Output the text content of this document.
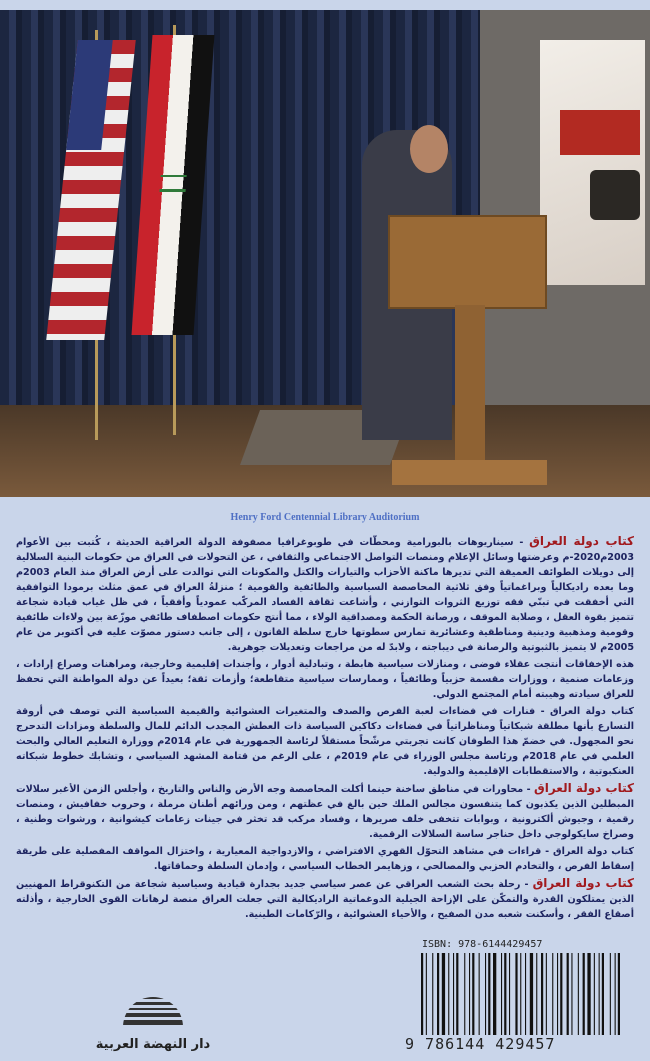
Henry Ford Centennial Library Auditorium

كتاب دولة العراق - سيناريوهات بالبورامية ومحطّات في طوبوغرافيا مصفوفة الدولة العراقية الحديثة ، كُتبت بين الأعوام 2003م2020-م وعرضتها وسائل الإعلام ومنصات التواصل الاجتماعي والثقافي ، عن التحولات في العراق من حكومات البنية السلالية إلى دويلات الطوائف العميقة التي تديرها ماكنة الأحزاب والتيارات والكتل والمكونات التي توالدت على أرض العراق منذ العام 2003م وما بعده راديكالياً وبراغماتياً وفق ثلاثية المحاصصة السياسية والطائفية والقومية ؛ منزلةُ العراق في عمق مثلث برمودا التوافقية التي أخفقت في تبنّي فقه توزيع الثروات التوازني ، وأشاعت ثقافة الفساد المركّب عمودياً وأفقياً ، في ظل غياب قيادة شجاعة تتميز بقوة العقل ، وصلابة الموقف ، ورصانة الحكمة ومصداقية الولاء ، مما أنتج حكومات اصطفاف طائفي موزّعة بين ولاءات طائفية وقومية ومذهبية ودينية ومناطقية وعشائرية تمارس سطوتها خارج سلطة القانون ، إلى جانب دستور مصوّت عليه في أكتوبر من عام 2005م لا يتميز بالثبوتية والرصانة في ديباجته ، ولابدّ له من مراجعات وتعديلات جوهرية.

هذه الإخفاقات أنتجت عقلاء فوضى ، ومنازلات سياسية هابطة ، وتبادلية أدوار ، وأجندات إقليمية وخارجية، ومراهنات وصراع إرادات ، وزعامات صنمية ، ووزارات مقسمة حزبياً وطائفياً ، وممارسات سياسية متقاطعة؛ وأزمات ثقة؛ بعيداً عن دولة المواطنة التي تحفظ للعراق سيادته وهيبته أمام المجتمع الدولي.

كتاب دولة العراق - فنارات في فضاءات لعبة الفرص والصدف والمتغيرات العشوائية والقيمية السياسية التي توصف في أروقة التسارع بأنها مطلقة شبكاتياً ومناظراتياً في فضاءات دكاكين السياسة ذات العطش المجدب الدائم للمال والسلطة ومزادات التدحرج نحو المجهول. في خضمّ هذا الطوفان كانت تجربتي مرشّحاً مستقلاً لرئاسة الجمهورية في عام 2014م ووزارة التعليم العالي والبحث العلمي في عام 2018م ورئاسة مجلس الوزراء في عام 2019م ، على الرغم من قتامة المشهد السياسي ، وتشابك خطوط شبكاته العنكبوتية ، والاستقطابات الإقليمية والدولية.

كتاب دولة العراق - محاورات في مناطق ساخنة حينما أكلت المحاصصة وجه الأرض والناس والتاريخ ، وأجلس الزمن الأغبر سلالات المبطلين الذين يكذبون كما يتنفسون مجالس الملك حين بالغ في عظتهم ، ومن ورائهم أطنان مرملة ، وحروب خفافيش ، ومنصات رقمية ، وجيوش ألكترونية ، وبوابات تتخفى خلف صريرها ، وفساد مركب قد تخثر في جينات زعامات كيشوانية ، ورشوات وطنية ، وصراخ سايكولوجي داخل حناجر ساسة السلالات الرقمية.

كتاب دولة العراق - قراءات في مشاهد التحوّل القهري الافتراضي ، والازدواجية المعيارية ، واختزال المواقف المفصلية على طريقة إسقاط الفرص ، والتخادم الحزبي والمصالحي ، وزهايمر الخطاب السياسي ، وإدمان السلطة وحماقاتها.

كتاب دولة العراق - رحلة بحث الشعب العراقي عن عصر سياسي جديد بجدارة قيادية وسياسية شجاعة من التكنوقراط المهنيين الذين يمتلكون القدرة والتمكّن على الإزاحة الجيلية الدوغماتية الراديكالية التي جعلت العراق منصة لرهانات القوى الخارجية ، وأذلته أصقاع الفقر ، وأسكنت شعبه مدن الصفيح ، والأحياء العشوائية ، والرّكامات الطينية.

دار النهضة العربية
ISBN: 978-6144429457
9 786144 429457
